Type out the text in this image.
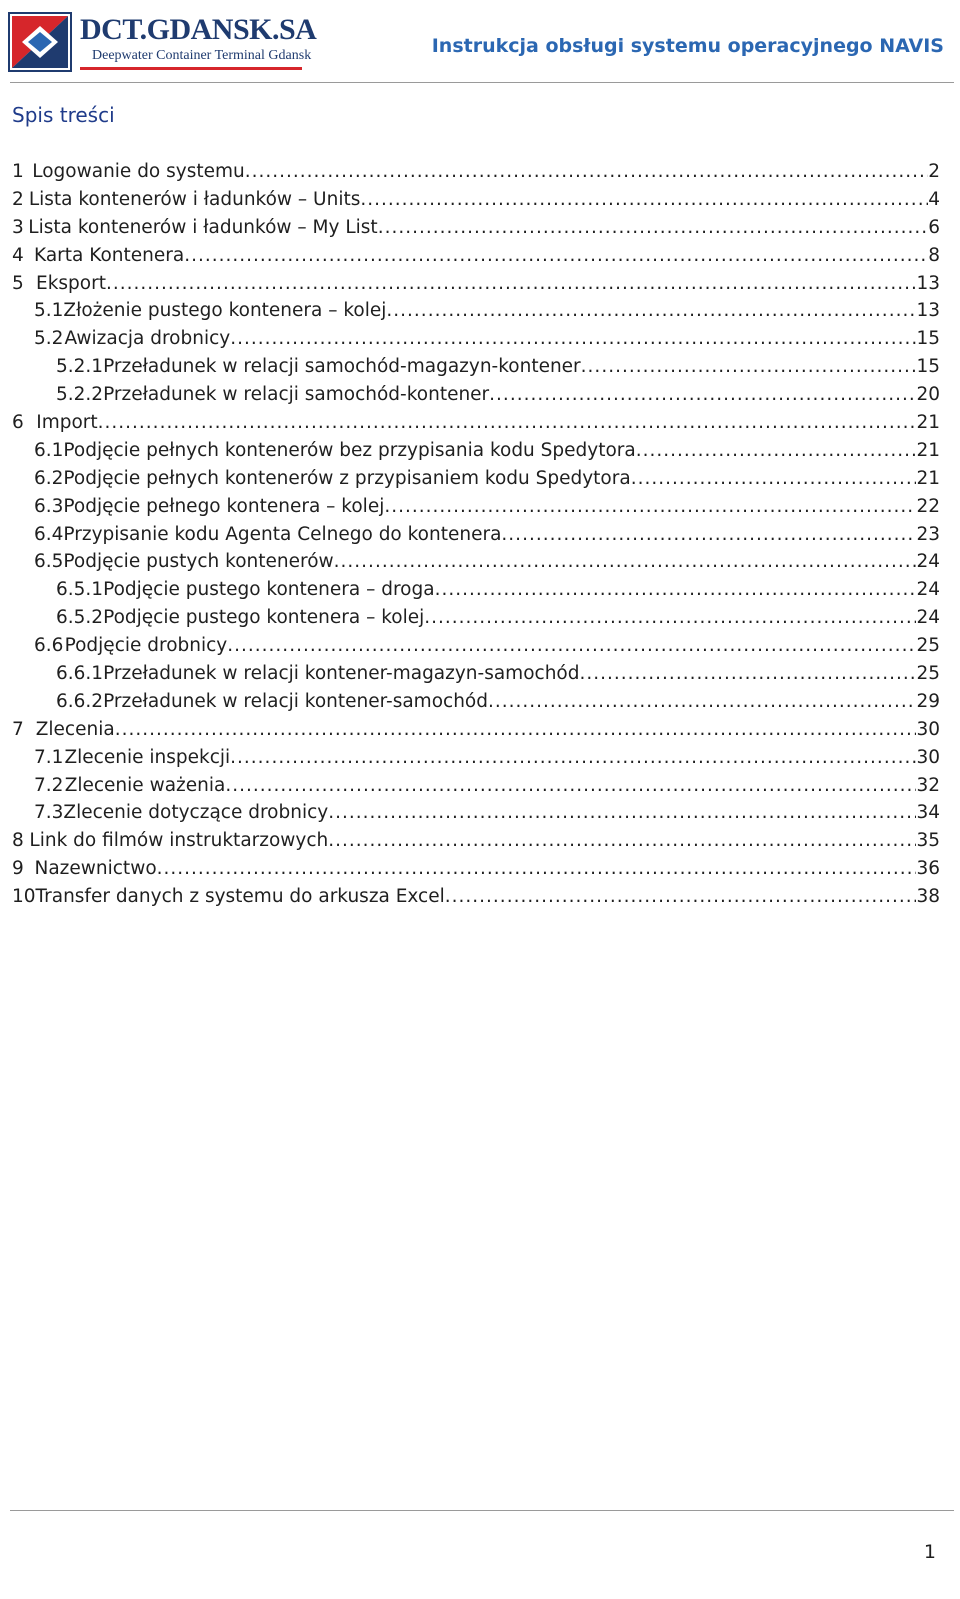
DCT.GDANSK.SA
Deepwater Container Terminal Gdansk	Instrukcja obsługi systemu operacyjnego NAVIS
Spis treści
1 Logowanie do systemu .....	2
2 Lista kontenerów i ładunków – Units .....	4
3 Lista kontenerów i ładunków – My List .....	6
4 Karta Kontenera .....	8
5 Eksport .....	13
5.1 Złożenie pustego kontenera – kolej .....	13
5.2 Awizacja drobnicy .....	15
5.2.1 Przeładunek w relacji samochód-magazyn-kontener .....	15
5.2.2 Przeładunek w relacji samochód-kontener .....	20
6 Import .....	21
6.1 Podjęcie pełnych kontenerów bez przypisania kodu Spedytora .....	21
6.2 Podjęcie pełnych kontenerów z przypisaniem kodu Spedytora .....	21
6.3 Podjęcie pełnego kontenera – kolej .....	22
6.4 Przypisanie kodu Agenta Celnego do kontenera .....	23
6.5 Podjęcie pustych kontenerów .....	24
6.5.1 Podjęcie pustego kontenera – droga .....	24
6.5.2 Podjęcie pustego kontenera – kolej .....	24
6.6 Podjęcie drobnicy .....	25
6.6.1 Przeładunek w relacji kontener-magazyn-samochód .....	25
6.6.2 Przeładunek w relacji kontener-samochód .....	29
7 Zlecenia .....	30
7.1 Zlecenie inspekcji .....	30
7.2 Zlecenie ważenia .....	32
7.3 Zlecenie dotyczące drobnicy .....	34
8 Link do filmów instruktarzowych .....	35
9 Nazewnictwo .....	36
10 Transfer danych z systemu do arkusza Excel .....	38
1
